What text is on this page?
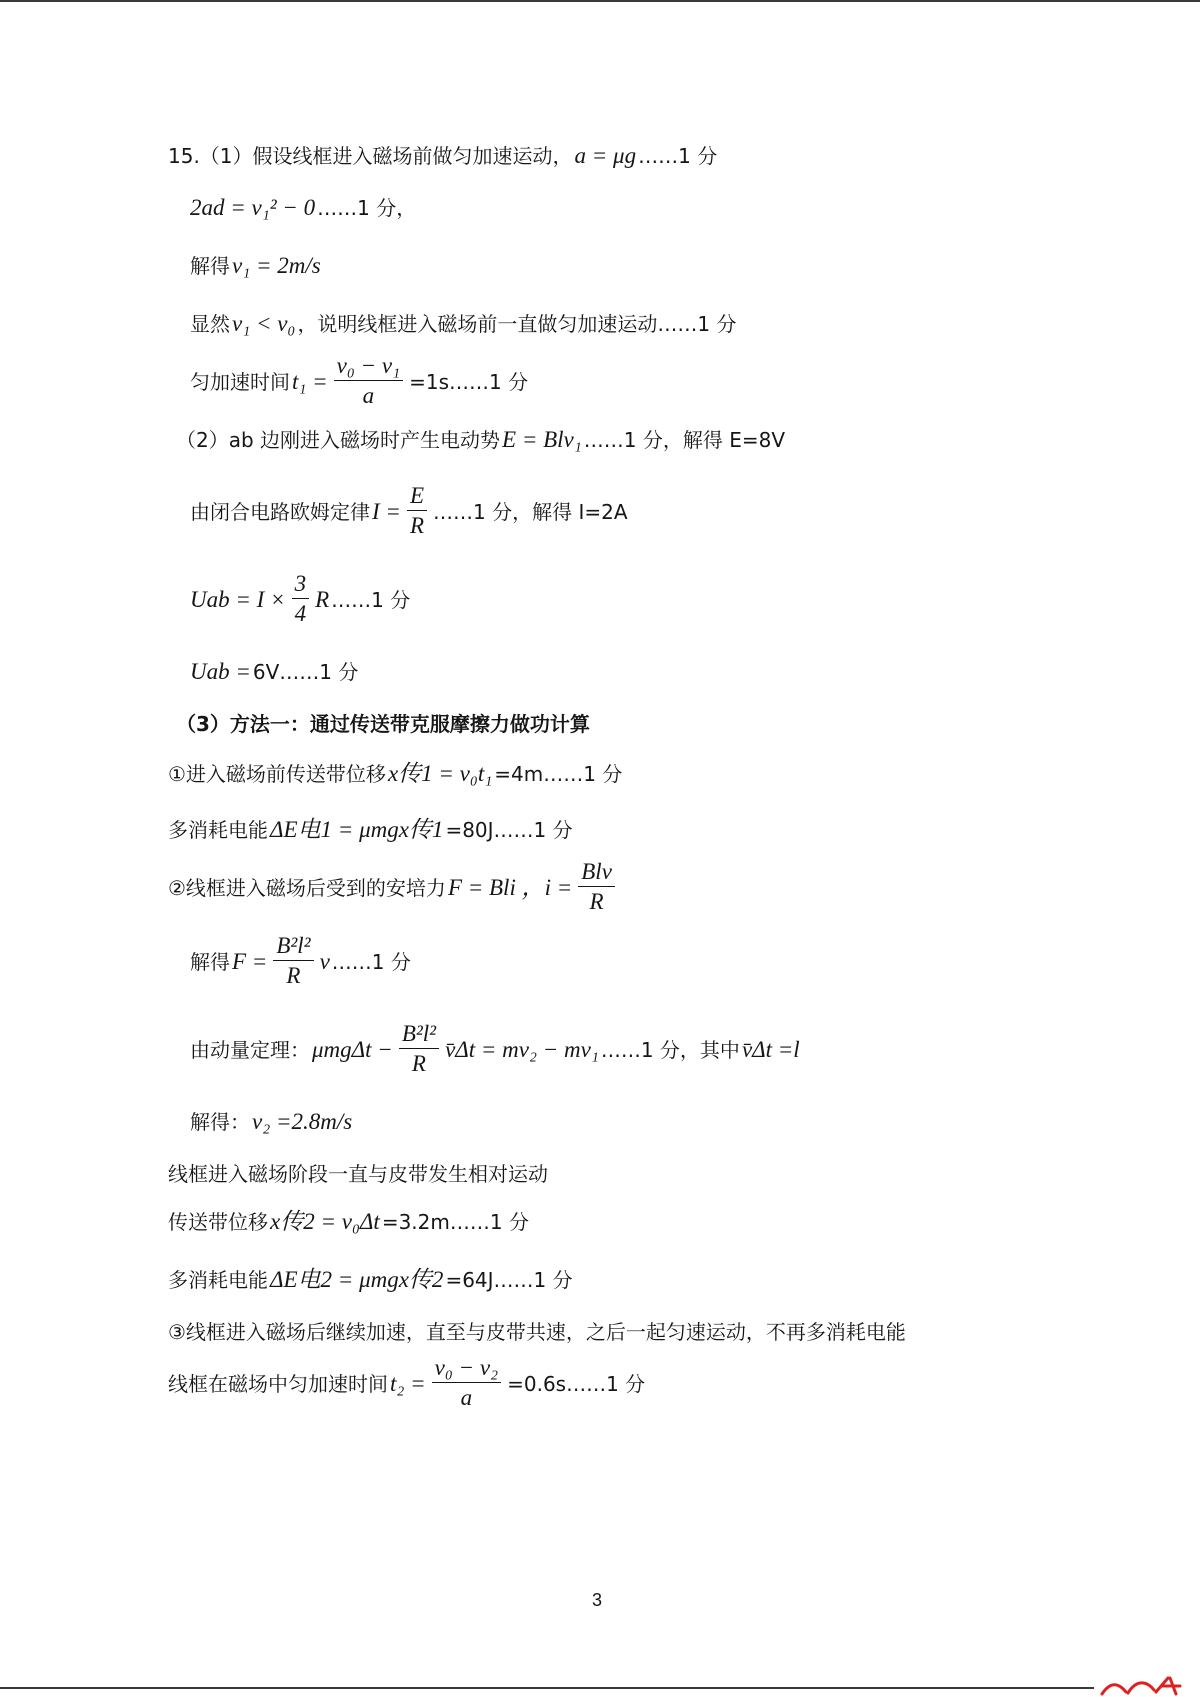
15.（1）假设线框进入磁场前做匀加速运动， a = μg ……1 分
2ad = v₁² − 0 ……1 分，
解得 v₁ = 2m/s
显然 v₁ < v₀ ，说明线框进入磁场前一直做匀加速运动……1 分
匀加速时间 $t_1 = \frac{\text{v₀ − v₁}}{a}$ =1s……1 分
（2）ab 边刚进入磁场时产生电动势 E = Blv₁ ……1 分，解得 E=8V
由闭合电路欧姆定律 $I = \frac{E}{R}$ ……1 分，解得 I=2A
Uab = $I \times \frac{3}{4}$ R ……1 分
Uab = 6V……1 分
（3）方法一：通过传送带克服摩擦力做功计算
①进入磁场前传送带位移 x传1 = v₀t₁ =4m……1 分
多消耗电能 ΔE电1 = μmgx传1 =80J……1 分
②线框进入磁场后受到的安培力 F = Bli ，$i = \frac{\text{Blv}}{R}$
解得 $F = \frac{\text{B²l²}}{R}$ v ……1 分
由动量定理： $\mu mg\Delta t - \frac{\text{B²l²}}{R}$ v̄Δt = mv₂ − mv₁ ……1 分，其中 v̄Δt =l
解得： v₂ =2.8m/s
线框进入磁场阶段一直与皮带发生相对运动
传送带位移 x传2 = v₀Δt =3.2m……1 分
多消耗电能 ΔE电2 = μmgx传2 =64J……1 分
③线框进入磁场后继续加速，直至与皮带共速，之后一起匀速运动，不再多消耗电能
线框在磁场中匀加速时间 $t_2 = \frac{\text{v₀ − v₂}}{a}$ =0.6s……1 分
3
